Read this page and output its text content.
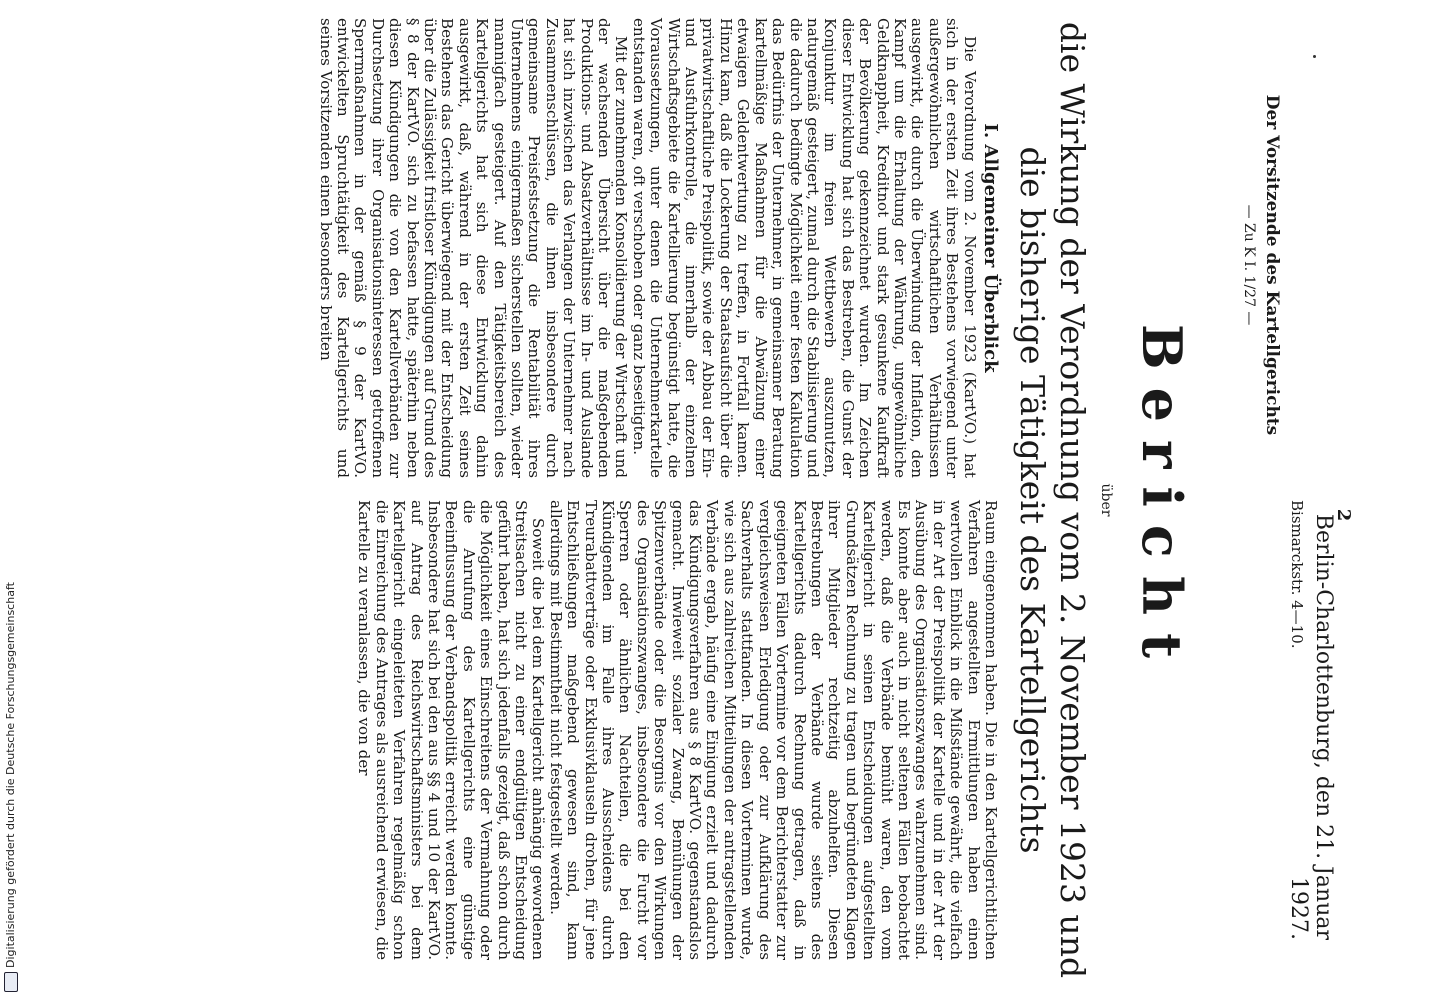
2
Berlin-Charlottenburg, den 21. Januar 1927.
Bismarckstr. 4—10.
Der Vorsitzende des Kartellgerichts
— Zu K I. 1/27 —
Bericht
über
die Wirkung der Verordnung vom 2. November 1923 und die bisherige Tätigkeit des Kartellgerichts
I. Allgemeiner Überblick

Die Verordnung vom 2. November 1923 (KartVO.) hat sich in der ersten Zeit ihres Bestehens vorwiegend unter außergewöhnlichen wirtschaftlichen Verhältnissen ausgewirkt, die durch die Überwindung der Inflation, den Kampf um die Erhaltung der Währung, ungewöhnliche Geldknappheit, Kreditnot und stark gesunkene Kaufkraft der Bevölkerung gekennzeichnet wurden. Im Zeichen dieser Entwicklung hat sich das Bestreben, die Gunst der Konjunktur im freien Wettbewerb auszunutzen, naturgemäß gesteigert, zumal durch die Stabilisierung und die dadurch bedingte Möglichkeit einer festen Kalkulation das Bedürfnis der Unternehmer, in gemeinsamer Beratung kartellmäßige Maßnahmen für die Abwälzung einer etwaigen Geldentwertung zu treffen, in Fortfall kamen. Hinzu kam, daß die Lockerung der Staatsaufsicht über die privatwirtschaftliche Preispolitik, sowie der Abbau der Ein- und Ausfuhrkontrolle, die innerhalb der einzelnen Wirtschaftsgebiete die Kartellierung begünstigt hatte, die Voraussetzungen, unter denen die Unternehmerkartelle entstanden waren, oft verschoben oder ganz beseitigten.

Mit der zunehmenden Konsolidierung der Wirtschaft und der wachsenden Übersicht über die maßgebenden Produktions- und Absatzverhältnisse im In- und Auslande hat sich inzwischen das Verlangen der Unternehmer nach Zusammenschlüssen, die ihnen insbesondere durch gemeinsame Preisfestsetzung die Rentabilität ihres Unternehmens einigermaßen sicherstellen sollten, wieder mannigfach gesteigert. Auf den Tätigkeitsbereich des Kartellgerichts hat sich diese Entwicklung dahin ausgewirkt, daß, während in der ersten Zeit seines Bestehens das Gericht überwiegend mit der Entscheidung über die Zulässigkeit fristloser Kündigungen auf Grund des § 8 der KartVO. sich zu befassen hatte, späterhin neben diesen Kündigungen die von den Kartellverbänden zur Durchsetzung ihrer Organisationsinteressen getroffenen Sperrmaßnahmen in der gemäß § 9 der KartVO. entwickelten Spruchtätigkeit des Kartellgerichts und seines Vorsitzenden einen besonders breiten

Raum eingenommen haben. Die in den Kartellgerichtlichen Verfahren angestellten Ermittlungen haben einen wertvollen Einblick in die Mißstände gewährt, die vielfach in der Art der Preispolitik der Kartelle und in der Art der Ausübung des Organisationszwanges wahrzunehmen sind. Es konnte aber auch in nicht seltenen Fällen beobachtet werden, daß die Verbände bemüht waren, den vom Kartellgericht in seinen Entscheidungen aufgestellten Grundsätzen Rechnung zu tragen und begründeten Klagen ihrer Mitglieder rechtzeitig abzuhelfen. Diesen Bestrebungen der Verbände wurde seitens des Kartellgerichts dadurch Rechnung getragen, daß in geeigneten Fällen Vortermine vor dem Berichterstatter zur vergleichsweisen Erledigung oder zur Aufklärung des Sachverhalts stattfanden. In diesen Vorterminen wurde, wie sich aus zahlreichen Mitteilungen der antragstellenden Verbände ergab, häufig eine Einigung erzielt und dadurch das Kündigungsverfahren aus § 8 KartVO. gegenstandslos gemacht. Inwieweit sozialer Zwang, Bemühungen der Spitzenverbände oder die Besorgnis vor den Wirkungen des Organisationszwanges, insbesondere die Furcht vor Sperren oder ähnlichen Nachteilen, die bei den Kündigenden im Falle ihres Ausscheidens durch Treurabattverträge oder Exklusivklauseln drohen, für jene Entschließungen maßgebend gewesen sind, kann allerdings mit Bestimmtheit nicht festgestellt werden.

Soweit die bei dem Kartellgericht anhängig gewordenen Streitsachen nicht zu einer endgültigen Entscheidung geführt haben, hat sich jedenfalls gezeigt, daß schon durch die Möglichkeit eines Einschreitens der Vermahnung oder die Anrufung des Kartellgerichts eine günstige Beeinflussung der Verbandspolitik erreicht werden konnte. Insbesondere hat sich bei den aus §§ 4 und 10 der KartVO. auf Antrag des Reichswirtschaftsministers bei dem Kartellgericht eingeleiteten Verfahren regelmäßig schon die Einreichung des Antrages als ausreichend erwiesen, die Kartelle zu veranlassen, die von der

Digitalisierung gefördert durch die Deutsche Forschungsgemeinschaft
